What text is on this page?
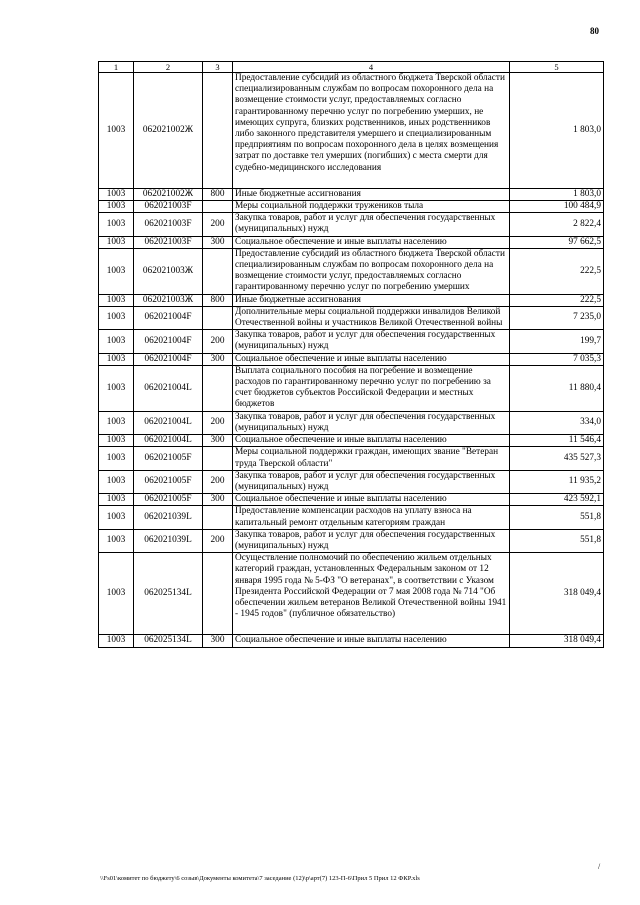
80
1	2	3	4	5
1003	062021002Ж		Предоставление субсидий из областного бюджета Тверской области специализированным службам по вопросам похоронного дела на возмещение стоимости услуг, предоставляемых согласно гарантированному перечню услуг по погребению умерших, не имеющих супруга, близких родственников, иных родственников либо законного представителя умершего и специализированным предприятиям по вопросам похоронного дела в целях возмещения затрат по доставке тел умерших (погибших) с места смерти для судебно-медицинского исследования	1 803,0
1003	062021002Ж	800	Иные бюджетные ассигнования	1 803,0
1003	062021003F		Меры социальной поддержки тружеников тыла	100 484,9
1003	062021003F	200	Закупка товаров, работ и услуг для обеспечения государственных (муниципальных) нужд	2 822,4
1003	062021003F	300	Социальное обеспечение и иные выплаты населению	97 662,5
1003	062021003Ж		Предоставление субсидий из областного бюджета Тверской области специализированным службам по вопросам похоронного дела на возмещение стоимости услуг, предоставляемых согласно гарантированному перечню услуг по погребению умерших	222,5
1003	062021003Ж	800	Иные бюджетные ассигнования	222,5
1003	062021004F		Дополнительные меры социальной поддержки инвалидов Великой Отечественной войны и участников Великой Отечественной войны	7 235,0
1003	062021004F	200	Закупка товаров, работ и услуг для обеспечения государственных (муниципальных) нужд	199,7
1003	062021004F	300	Социальное обеспечение и иные выплаты населению	7 035,3
1003	062021004L		Выплата социального пособия на погребение и возмещение расходов по гарантированному перечню услуг по погребению за счет бюджетов субъектов Российской Федерации и местных бюджетов	11 880,4
1003	062021004L	200	Закупка товаров, работ и услуг для обеспечения государственных (муниципальных) нужд	334,0
1003	062021004L	300	Социальное обеспечение и иные выплаты населению	11 546,4
1003	062021005F		Меры социальной поддержки граждан, имеющих звание "Ветеран труда Тверской области"	435 527,3
1003	062021005F	200	Закупка товаров, работ и услуг для обеспечения государственных (муниципальных) нужд	11 935,2
1003	062021005F	300	Социальное обеспечение и иные выплаты населению	423 592,1
1003	062021039L		Предоставление компенсации расходов на уплату взноса на капитальный ремонт отдельным категориям граждан	551,8
1003	062021039L	200	Закупка товаров, работ и услуг для обеспечения государственных (муниципальных) нужд	551,8
1003	062025134L		Осуществление полномочий по обеспечению жильем отдельных категорий граждан, установленных Федеральным законом от 12 января 1995 года № 5-ФЗ "О ветеранах", в соответствии с Указом Президента Российской Федерации от 7 мая 2008 года № 714 "Об обеспечении жильем ветеранов Великой Отечественной войны 1941 - 1945 годов" (публичное обязательство)	318 049,4
1003	062025134L	300	Социальное обеспечение и иные выплаты населению	318 049,4
/
\\Fs01\комитет по бюджету\6 созыв\Документы комитета\7 заседание (12)\р\арт(7) 123-П-6\Прил 5 Прил 12 ФКР.xls
